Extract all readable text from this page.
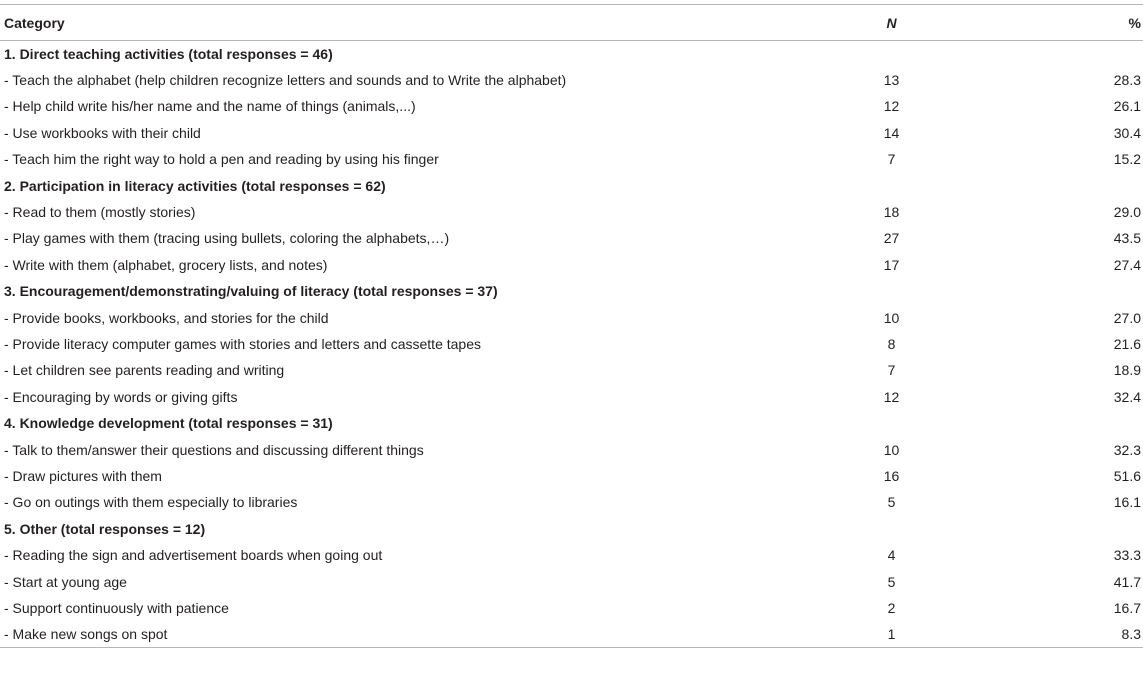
Category	N	%
1. Direct teaching activities (total responses = 46)		
- Teach the alphabet (help children recognize letters and sounds and to Write the alphabet)	13	28.3
- Help child write his/her name and the name of things (animals,...)	12	26.1
- Use workbooks with their child	14	30.4
- Teach him the right way to hold a pen and reading by using his finger	7	15.2
2. Participation in literacy activities (total responses = 62)		
- Read to them (mostly stories)	18	29.0
- Play games with them (tracing using bullets, coloring the alphabets,…)	27	43.5
- Write with them (alphabet, grocery lists, and notes)	17	27.4
3. Encouragement/demonstrating/valuing of literacy (total responses = 37)		
- Provide books, workbooks, and stories for the child	10	27.0
- Provide literacy computer games with stories and letters and cassette tapes	8	21.6
- Let children see parents reading and writing	7	18.9
- Encouraging by words or giving gifts	12	32.4
4. Knowledge development (total responses = 31)		
- Talk to them/answer their questions and discussing different things	10	32.3
- Draw pictures with them	16	51.6
- Go on outings with them especially to libraries	5	16.1
5. Other (total responses = 12)		
- Reading the sign and advertisement boards when going out	4	33.3
- Start at young age	5	41.7
- Support continuously with patience	2	16.7
- Make new songs on spot	1	8.3
